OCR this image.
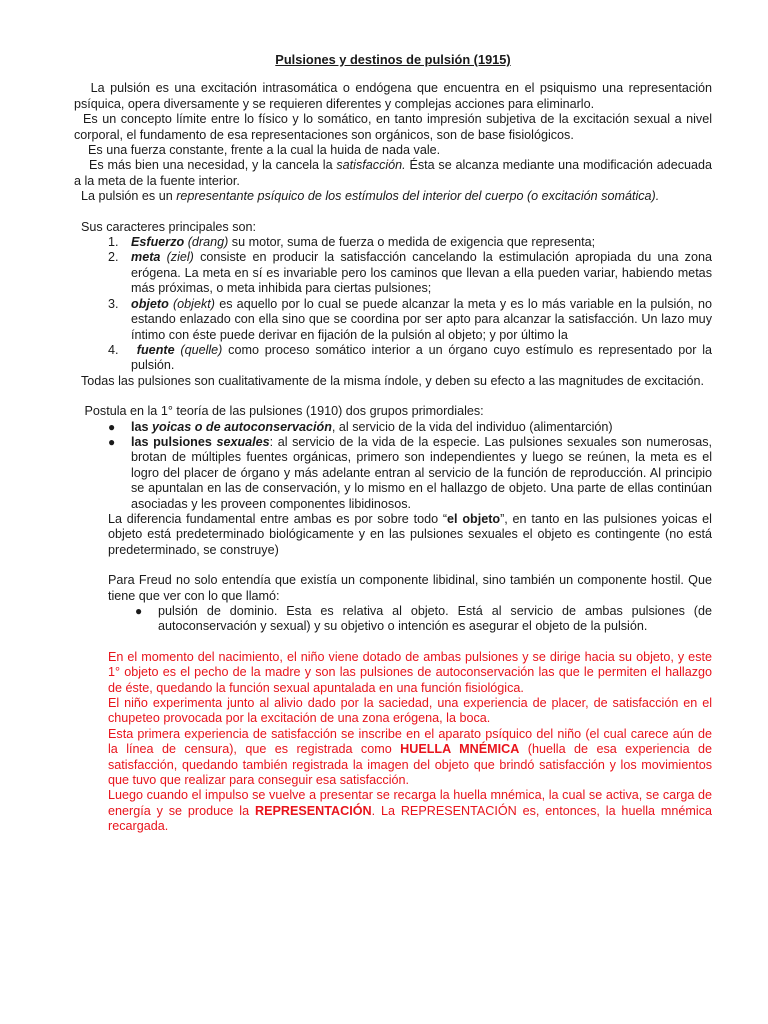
Pulsiones y destinos de pulsión (1915)

La pulsión es una excitación intrasomática o endógena que encuentra en el psiquismo una representación psíquica, opera diversamente y se requieren diferentes y complejas acciones para eliminarlo.

Es un concepto límite entre lo físico y lo somático, en tanto impresión subjetiva de la excitación sexual a nivel corporal, el fundamento de esa representaciones son orgánicos, son de base fisiológicos.

Es una fuerza constante, frente a la cual la huida de nada vale.

Es más bien una necesidad, y la cancela la satisfacción. Ésta se alcanza mediante una modificación adecuada a la meta de la fuente interior.

La pulsión es un representante psíquico de los estímulos del interior del cuerpo (o excitación somática).

Sus caracteres principales son:

1. Esfuerzo (drang) su motor, suma de fuerza o medida de exigencia que representa;
2. meta (ziel) consiste en producir la satisfacción cancelando la estimulación apropiada du una zona erógena. La meta en sí es invariable pero los caminos que llevan a ella pueden variar, habiendo metas más próximas, o meta inhibida para ciertas pulsiones;
3. objeto (objekt) es aquello por lo cual se puede alcanzar la meta y es lo más variable en la pulsión, no estando enlazado con ella sino que se coordina por ser apto para alcanzar la satisfacción. Un lazo muy íntimo con éste puede derivar en fijación de la pulsión al objeto; y por último la
4. fuente (quelle) como proceso somático interior a un órgano cuyo estímulo es representado por la pulsión.

Todas las pulsiones son cualitativamente de la misma índole, y deben su efecto a las magnitudes de excitación.

Postula en la 1° teoría de las pulsiones (1910) dos grupos primordiales:

● las yoicas o de autoconservación, al servicio de la vida del individuo (alimentarción)
● las pulsiones sexuales: al servicio de la vida de la especie. Las pulsiones sexuales son numerosas, brotan de múltiples fuentes orgánicas, primero son independientes y luego se reúnen, la meta es el logro del placer de órgano y más adelante entran al servicio de la función de reproducción. Al principio se apuntalan en las de conservación, y lo mismo en el hallazgo de objeto. Una parte de ellas continúan asociadas y les proveen componentes libidinosos.

La diferencia fundamental entre ambas es por sobre todo “el objeto”, en tanto en las pulsiones yoicas el objeto está predeterminado biológicamente y en las pulsiones sexuales el objeto es contingente (no está predeterminado, se construye)

Para Freud no solo entendía que existía un componente libidinal, sino también un componente hostil. Que tiene que ver con lo que llamó:

● pulsión de dominio. Esta es relativa al objeto. Está al servicio de ambas pulsiones (de autoconservación y sexual) y su objetivo o intención es asegurar el objeto de la pulsión.

En el momento del nacimiento, el niño viene dotado de ambas pulsiones y se dirige hacia su objeto, y este 1° objeto es el pecho de la madre y son las pulsiones de autoconservación las que le permiten el hallazgo de éste, quedando la función sexual apuntalada en una función fisiológica.

El niño experimenta junto al alivio dado por la saciedad, una experiencia de placer, de satisfacción en el chupeteo provocada por la excitación de una zona erógena, la boca.

Esta primera experiencia de satisfacción se inscribe en el aparato psíquico del niño (el cual carece aún de la línea de censura), que es registrada como HUELLA MNÉMICA (huella de esa experiencia de satisfacción, quedando también registrada la imagen del objeto que brindó satisfacción y los movimientos que tuvo que realizar para conseguir esa satisfacción.

Luego cuando el impulso se vuelve a presentar se recarga la huella mnémica, la cual se activa, se carga de energía y se produce la REPRESENTACIÓN. La REPRESENTACIÓN es, entonces, la huella mnémica recargada.
